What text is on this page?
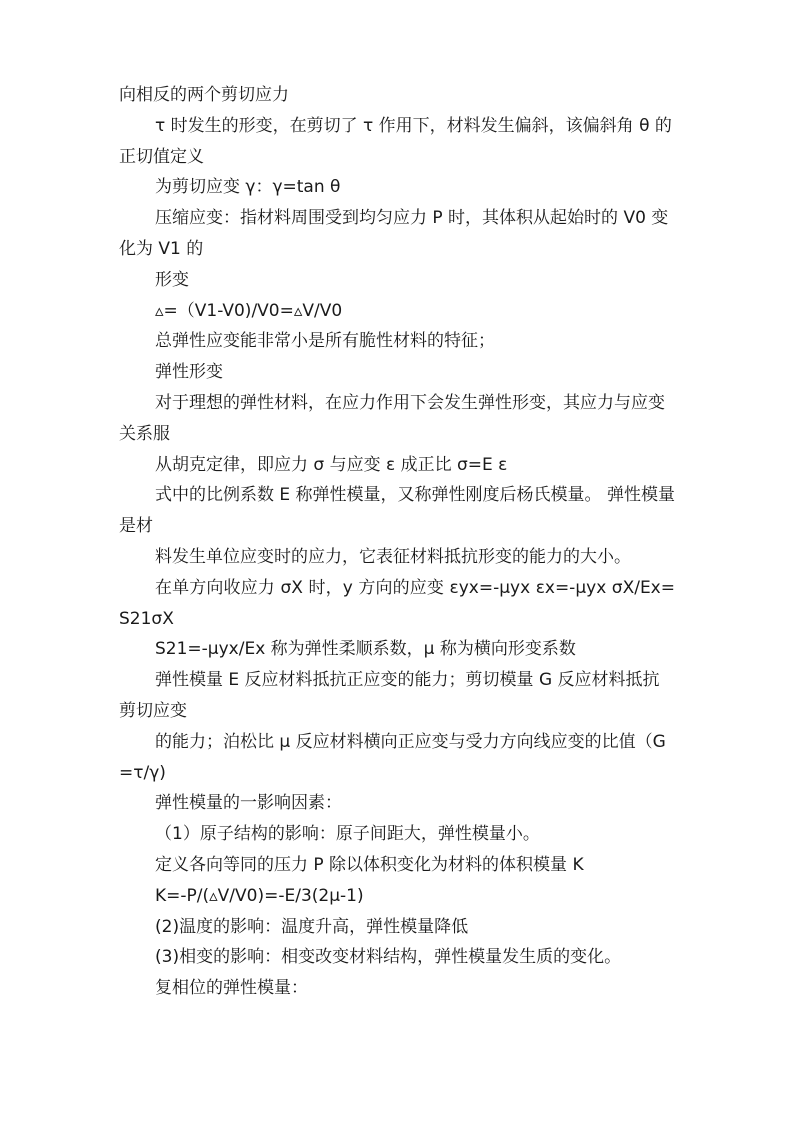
向相反的两个剪切应力

τ 时发生的形变，在剪切了 τ 作用下，材料发生偏斜，该偏斜角 θ 的正切值定义

为剪切应变 γ：γ=tan θ

压缩应变：指材料周围受到均匀应力 P 时，其体积从起始时的 V0 变化为 V1 的

形变

▵=（V1-V0)/V0=▵V/V0

总弹性应变能非常小是所有脆性材料的特征；

弹性形变

对于理想的弹性材料，在应力作用下会发生弹性形变，其应力与应变关系服

从胡克定律，即应力 σ 与应变 ε 成正比 σ=E ε

式中的比例系数 E 称弹性模量，又称弹性刚度后杨氏模量。 弹性模量是材

料发生单位应变时的应力，它表征材料抵抗形变的能力的大小。

在单方向收应力 σX 时，y 方向的应变 εyx=-μyx εx=-μyx σX/Ex=S21σX

S21=-μyx/Ex 称为弹性柔顺系数，μ 称为横向形变系数

弹性模量 E 反应材料抵抗正应变的能力；剪切模量 G 反应材料抵抗剪切应变

的能力；泊松比 μ 反应材料横向正应变与受力方向线应变的比值（G=τ/γ)

弹性模量的一影响因素：

（1）原子结构的影响：原子间距大，弹性模量小。

定义各向等同的压力 P 除以体积变化为材料的体积模量 K

K=-P/(▵V/V0)=-E/3(2μ-1)

(2)温度的影响：温度升高，弹性模量降低

(3)相变的影响：相变改变材料结构，弹性模量发生质的变化。

复相位的弹性模量：
